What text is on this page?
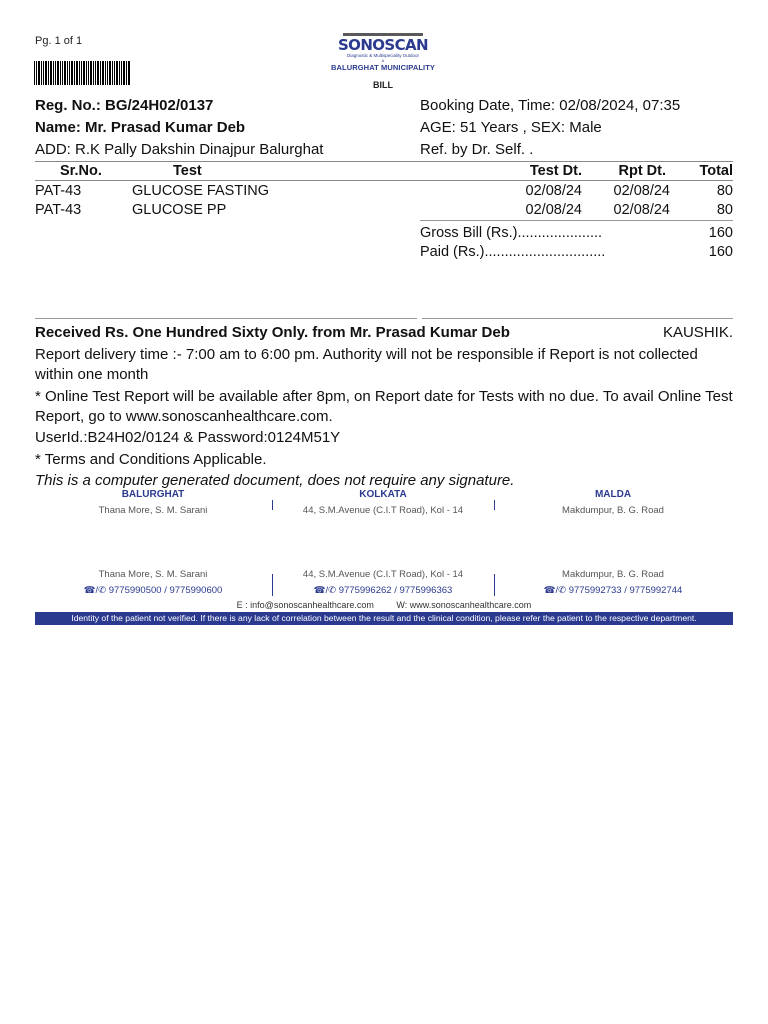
Pg. 1 of 1	SONOSCAN
Diagnostic & Multispeciality Outdoor
&
BALURGHAT MUNICIPALITY
BILL
Reg. No.: BG/24H02/0137
Name: Mr. Prasad Kumar Deb
ADD: R.K Pally Dakshin Dinajpur Balurghat
Booking Date, Time: 02/08/2024, 07:35
AGE: 51 Years , SEX: Male
Ref. by Dr. Self. .
Sr.No.	Test	Test Dt.	Rpt Dt.	Total
PAT-43	GLUCOSE FASTING	02/08/24	02/08/24	80
PAT-43	GLUCOSE PP	02/08/24	02/08/24	80
Gross Bill (Rs.).....................	160
Paid (Rs.)..............................	160
Received Rs. One Hundred Sixty Only. from Mr. Prasad Kumar Deb	KAUSHIK.
Report delivery time :- 7:00 am to 6:00 pm. Authority will not be responsible if Report is not collected within one month
* Online Test Report will be available after 8pm, on Report date for Tests with no due. To avail Online Test Report, go to www.sonoscanhealthcare.com.
UserId.:B24H02/0124 & Password:0124M51Y
* Terms and Conditions Applicable.
This is a computer generated document, does not require any signature.
BALURGHAT	KOLKATA	MALDA
Thana More, S. M. Sarani	44, S.M.Avenue (C.I.T Road), Kol - 14	Makdumpur, B. G. Road
Thana More, S. M. Sarani	44, S.M.Avenue (C.I.T Road), Kol - 14	Makdumpur, B. G. Road
☎/✆ 9775990500 / 9775990600	☎/✆ 9775996262 / 9775996363	☎/✆ 9775992733 / 9775992744
E : info@sonoscanhealthcare.com	W: www.sonoscanhealthcare.com
Identity of the patient not verified. If there is any lack of correlation between the result and the clinical condition, please refer the patient to the respective department.
